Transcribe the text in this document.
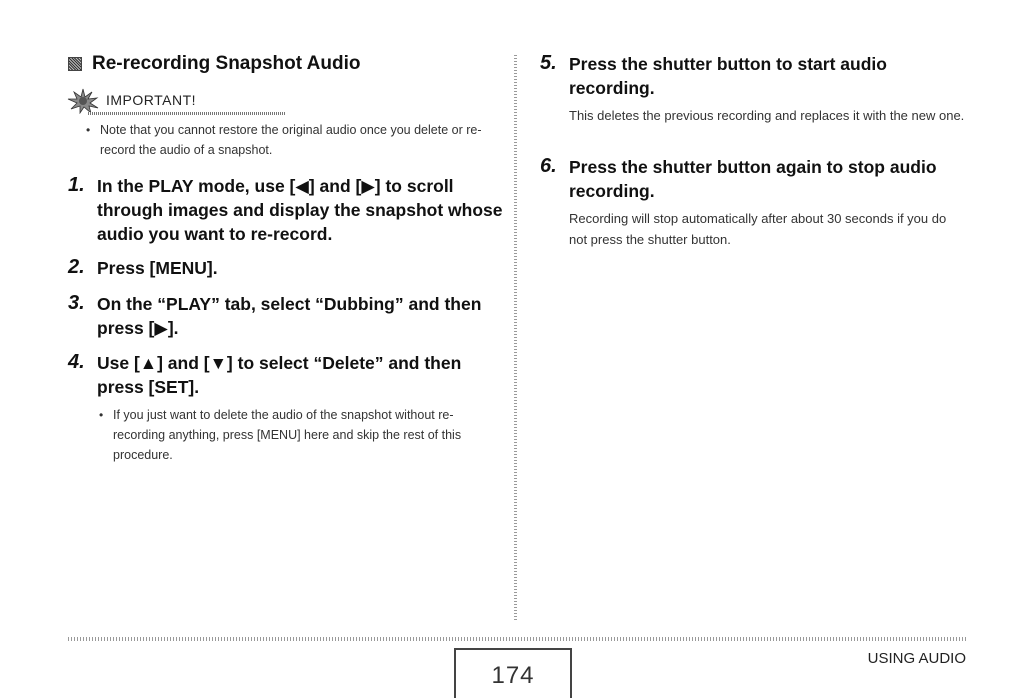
Re-recording Snapshot Audio
IMPORTANT!
• Note that you cannot restore the original audio once you delete or re-record the audio of a snapshot.
1. In the PLAY mode, use [◀] and [▶] to scroll through images and display the snapshot whose audio you want to re-record.
2. Press [MENU].
3. On the “PLAY” tab, select “Dubbing” and then press [▶].
4. Use [▲] and [▼] to select “Delete” and then press [SET].
• If you just want to delete the audio of the snapshot without re-recording anything, press [MENU] here and skip the rest of this procedure.
5. Press the shutter button to start audio recording.
This deletes the previous recording and replaces it with the new one.
6. Press the shutter button again to stop audio recording.
Recording will stop automatically after about 30 seconds if you do not press the shutter button.
174
USING AUDIO
